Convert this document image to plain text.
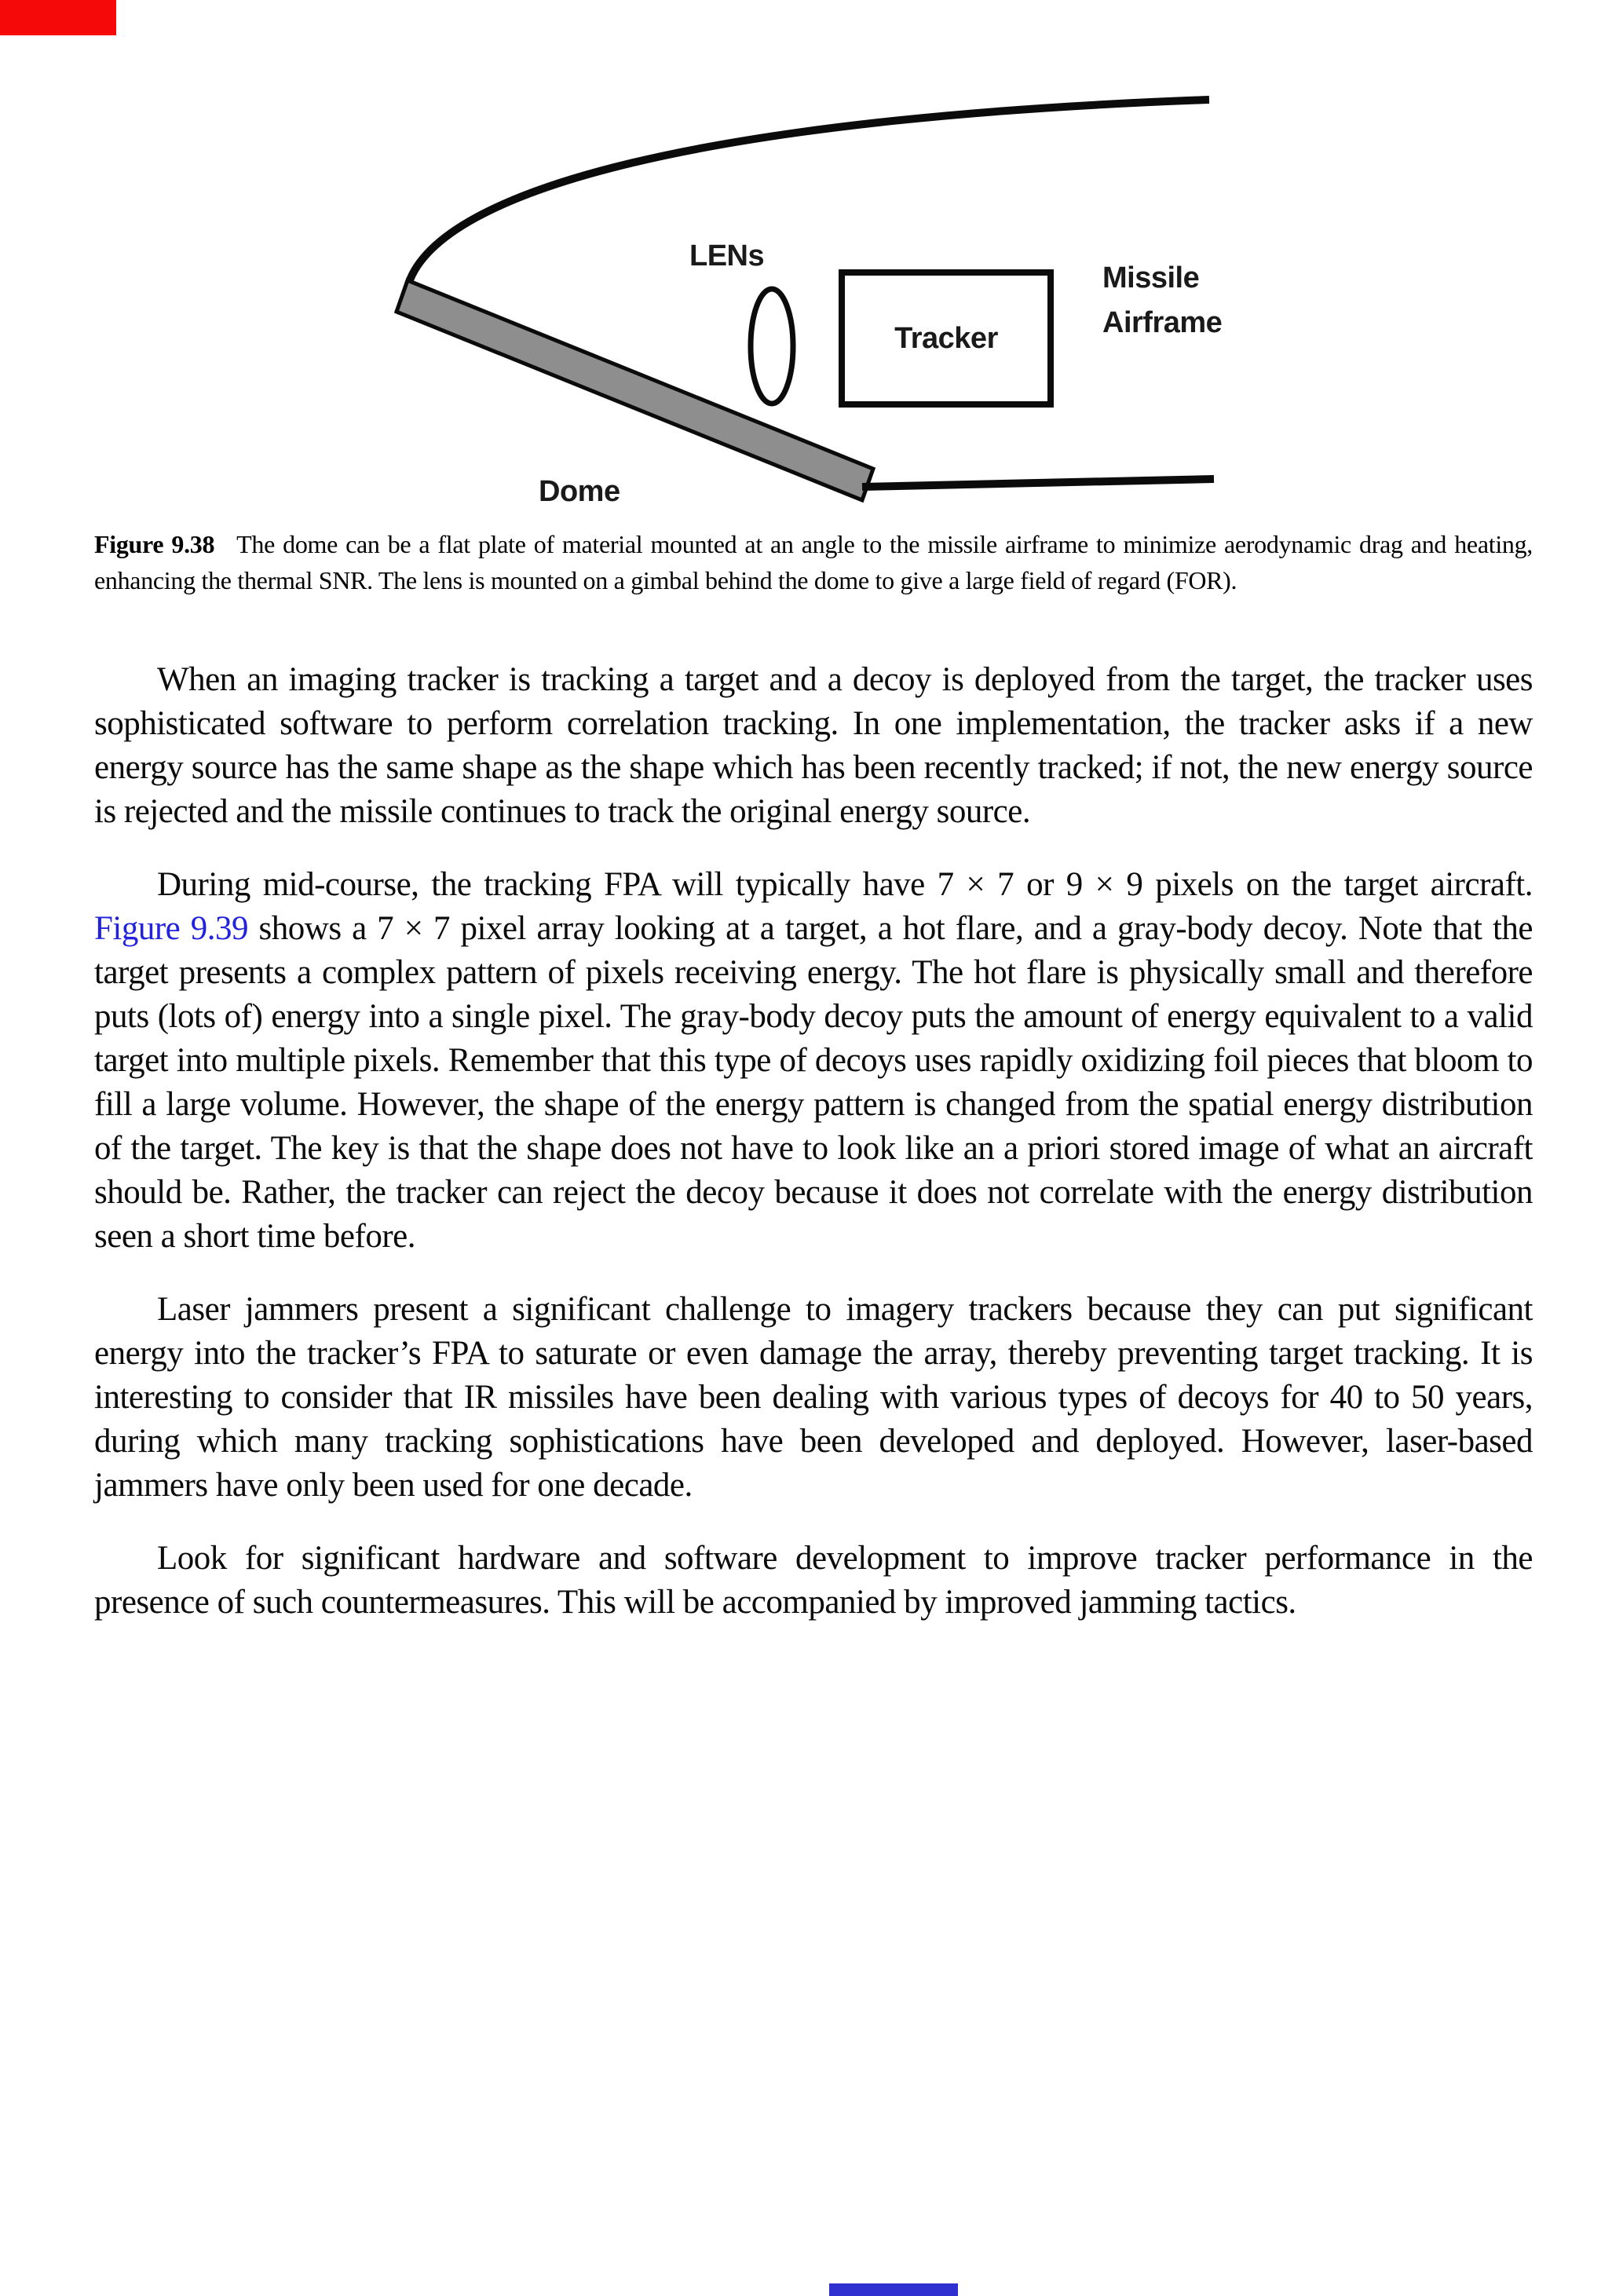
LENs
Tracker
Missile
Airframe
Dome
Figure 9.38 The dome can be a flat plate of material mounted at an angle to the missile airframe to minimize aerodynamic drag and heating, enhancing the thermal SNR. The lens is mounted on a gimbal behind the dome to give a large field of regard (FOR).

When an imaging tracker is tracking a target and a decoy is deployed from the target, the tracker uses sophisticated software to perform correlation tracking. In one implementation, the tracker asks if a new energy source has the same shape as the shape which has been recently tracked; if not, the new energy source is rejected and the missile continues to track the original energy source.

During mid-course, the tracking FPA will typically have 7 × 7 or 9 × 9 pixels on the target aircraft. Figure 9.39 shows a 7 × 7 pixel array looking at a target, a hot flare, and a gray-body decoy. Note that the target presents a complex pattern of pixels receiving energy. The hot flare is physically small and therefore puts (lots of) energy into a single pixel. The gray-body decoy puts the amount of energy equivalent to a valid target into multiple pixels. Remember that this type of decoys uses rapidly oxidizing foil pieces that bloom to fill a large volume. However, the shape of the energy pattern is changed from the spatial energy distribution of the target. The key is that the shape does not have to look like an a priori stored image of what an aircraft should be. Rather, the tracker can reject the decoy because it does not correlate with the energy distribution seen a short time before.

Laser jammers present a significant challenge to imagery trackers because they can put significant energy into the tracker’s FPA to saturate or even damage the array, thereby preventing target tracking. It is interesting to consider that IR missiles have been dealing with various types of decoys for 40 to 50 years, during which many tracking sophistications have been developed and deployed. However, laser-based jammers have only been used for one decade.

Look for significant hardware and software development to improve tracker performance in the presence of such countermeasures. This will be accompanied by improved jamming tactics.
